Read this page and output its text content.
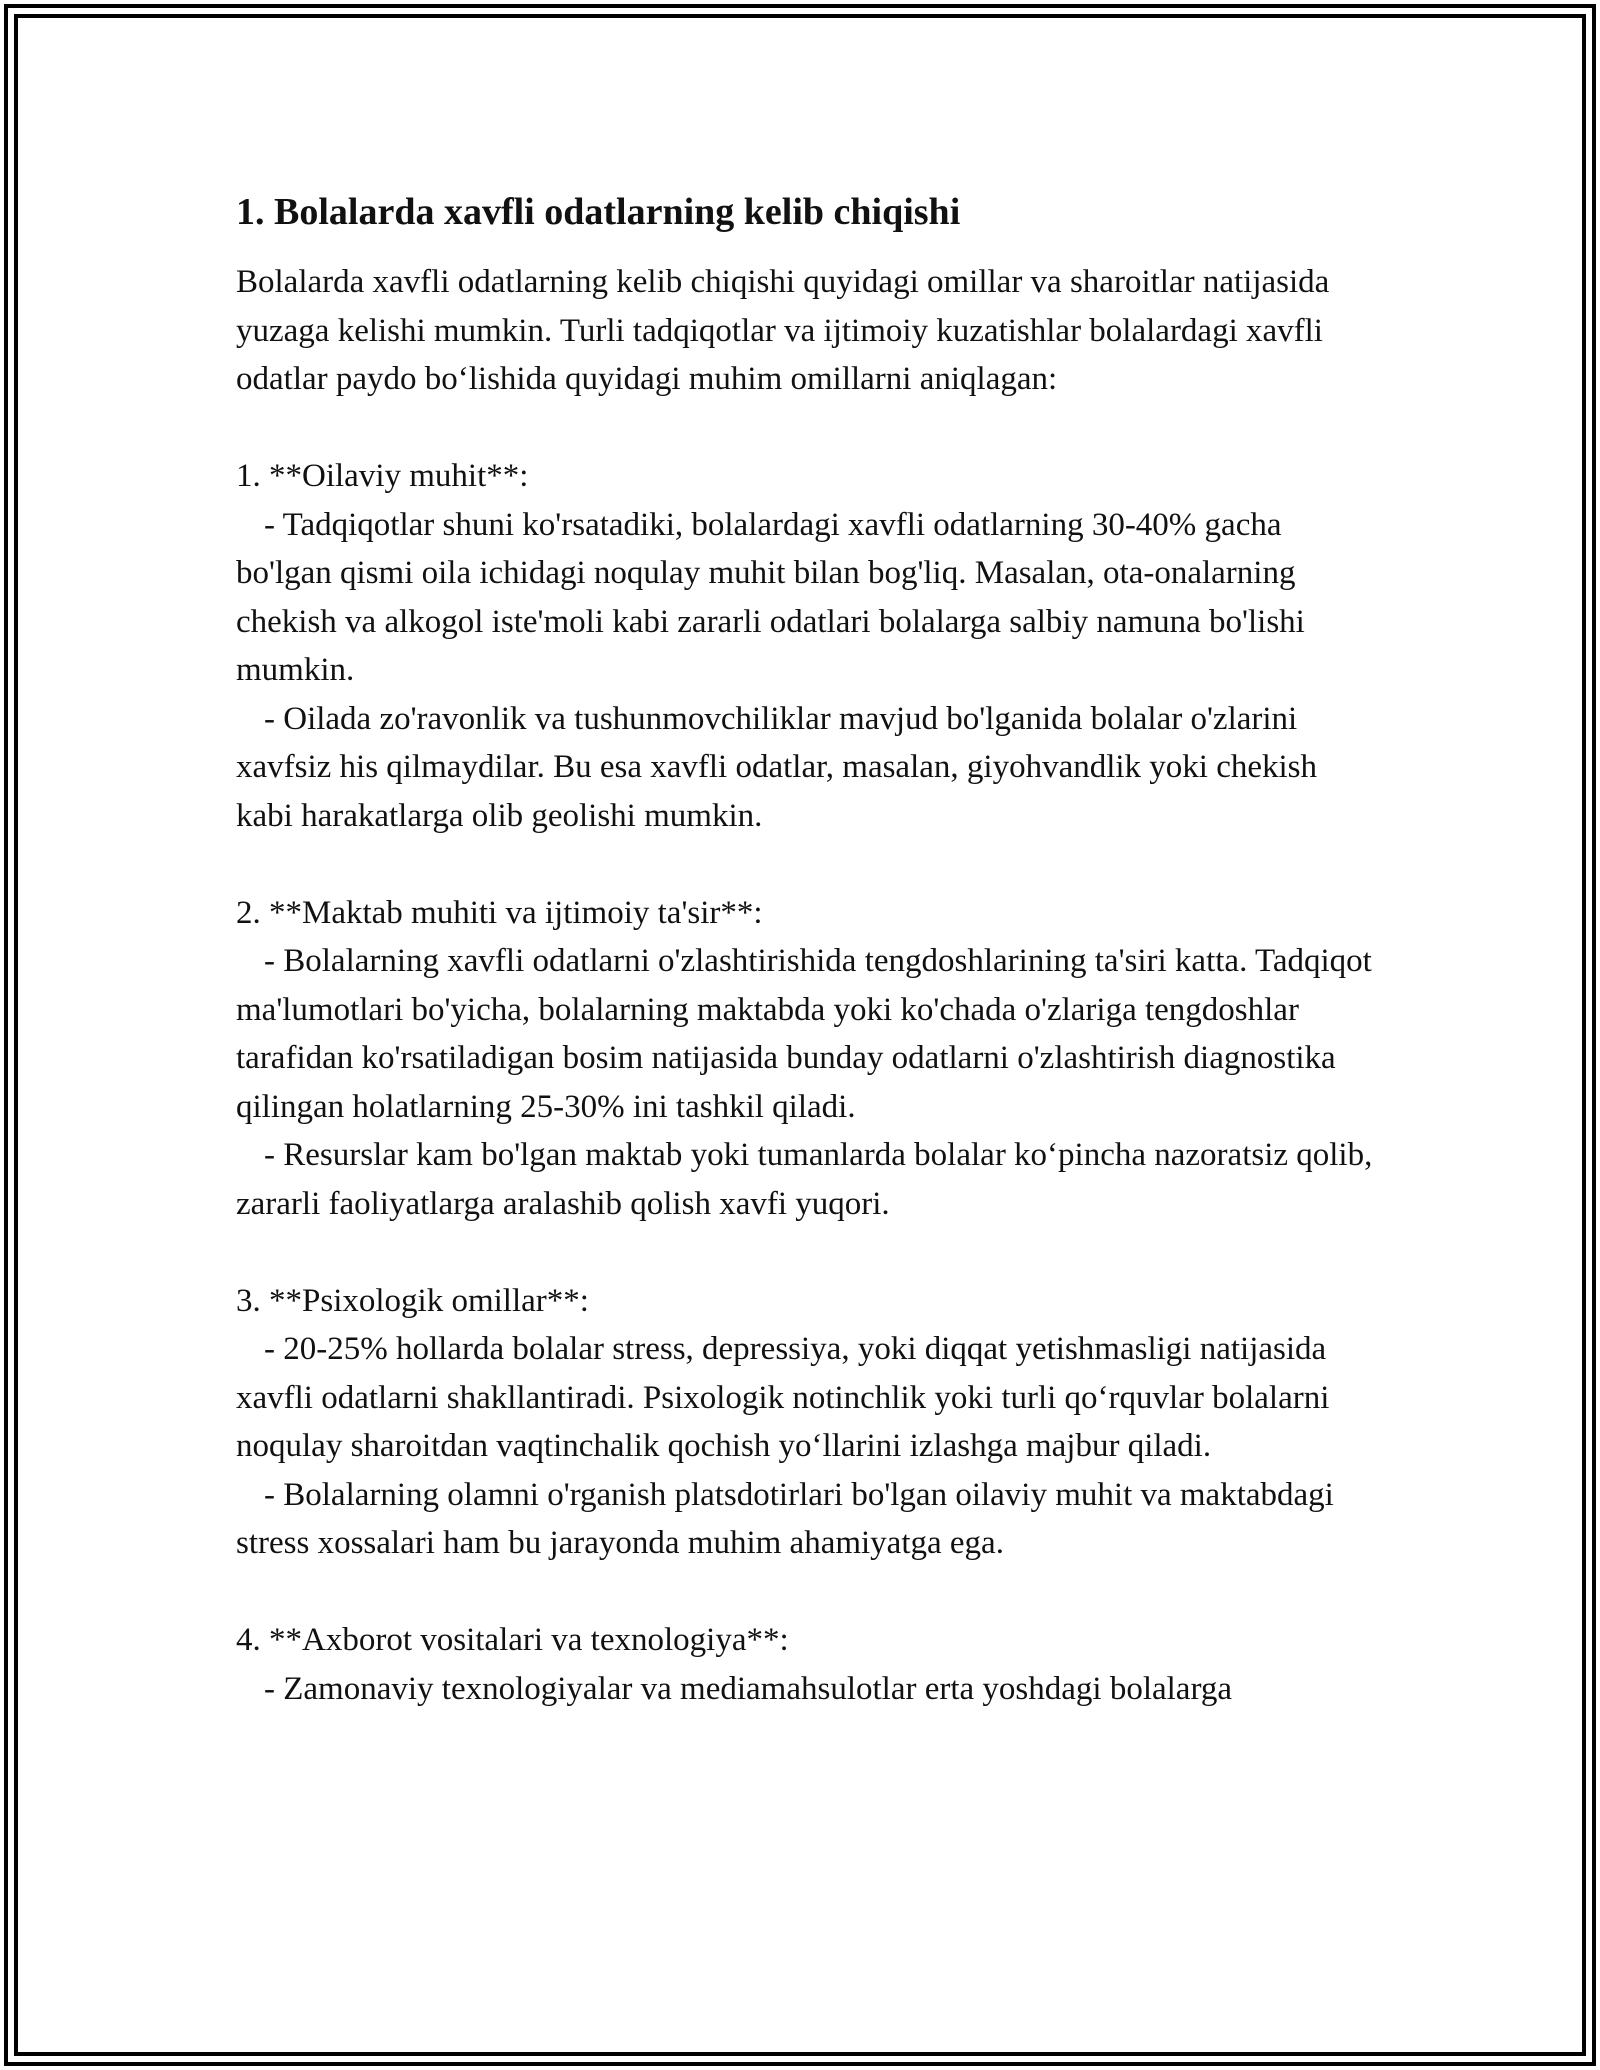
1. Bolalarda xavfli odatlarning kelib chiqishi

Bolalarda xavfli odatlarning kelib chiqishi quyidagi omillar va sharoitlar natijasida yuzaga kelishi mumkin. Turli tadqiqotlar va ijtimoiy kuzatishlar bolalardagi xavfli odatlar paydo bo‘lishida quyidagi muhim omillarni aniqlagan:

1. **Oilaviy muhit**:

- Tadqiqotlar shuni ko'rsatadiki, bolalardagi xavfli odatlarning 30-40% gacha bo'lgan qismi oila ichidagi noqulay muhit bilan bog'liq. Masalan, ota-onalarning chekish va alkogol iste'moli kabi zararli odatlari bolalarga salbiy namuna bo'lishi mumkin.

- Oilada zo'ravonlik va tushunmovchiliklar mavjud bo'lganida bolalar o'zlarini xavfsiz his qilmaydilar. Bu esa xavfli odatlar, masalan, giyohvandlik yoki chekish kabi harakatlarga olib geolishi mumkin.

2. **Maktab muhiti va ijtimoiy ta'sir**:

- Bolalarning xavfli odatlarni o'zlashtirishida tengdoshlarining ta'siri katta. Tadqiqot ma'lumotlari bo'yicha, bolalarning maktabda yoki ko'chada o'zlariga tengdoshlar tarafidan ko'rsatiladigan bosim natijasida bunday odatlarni o'zlashtirish diagnostika qilingan holatlarning 25-30% ini tashkil qiladi.

- Resurslar kam bo'lgan maktab yoki tumanlarda bolalar ko‘pincha nazoratsiz qolib, zararli faoliyatlarga aralashib qolish xavfi yuqori.

3. **Psixologik omillar**:

- 20-25% hollarda bolalar stress, depressiya, yoki diqqat yetishmasligi natijasida xavfli odatlarni shakllantiradi. Psixologik notinchlik yoki turli qo‘rquvlar bolalarni noqulay sharoitdan vaqtinchalik qochish yo‘llarini izlashga majbur qiladi.

- Bolalarning olamni o'rganish platsdotirlari bo'lgan oilaviy muhit va maktabdagi stress xossalari ham bu jarayonda muhim ahamiyatga ega.

4. **Axborot vositalari va texnologiya**:

- Zamonaviy texnologiyalar va mediamahsulotlar erta yoshdagi bolalarga
